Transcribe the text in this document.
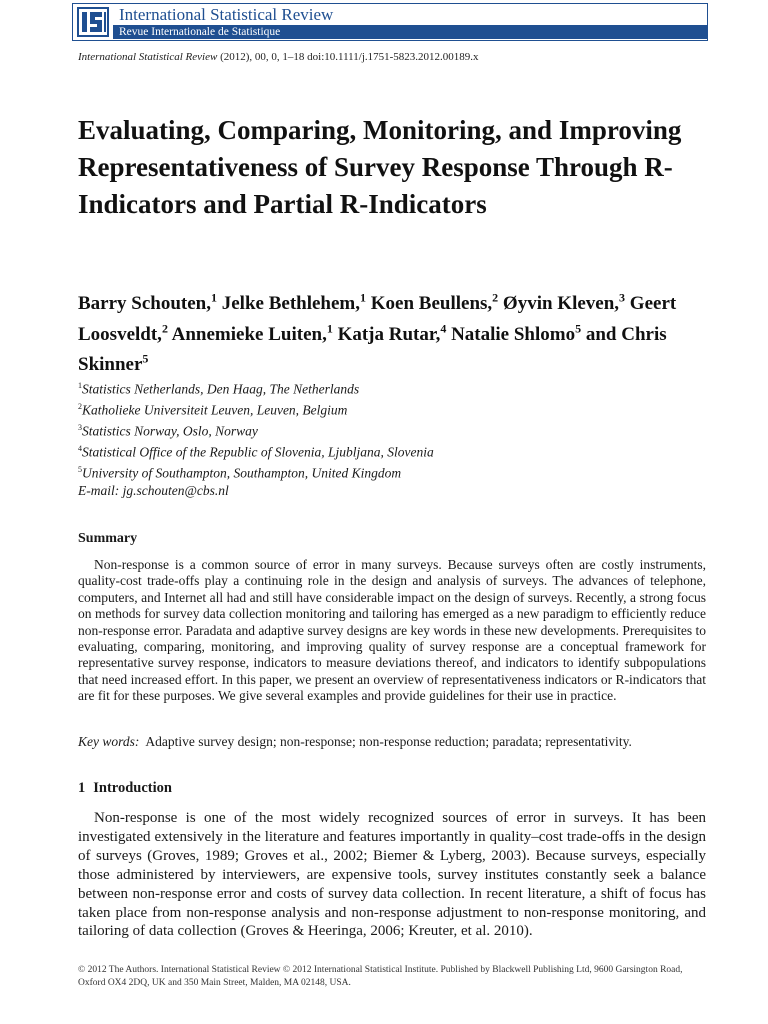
International Statistical Review
Revue Internationale de Statistique
International Statistical Review (2012), 00, 0, 1–18 doi:10.1111/j.1751-5823.2012.00189.x
Evaluating, Comparing, Monitoring, and Improving Representativeness of Survey Response Through R-Indicators and Partial R-Indicators

Barry Schouten,$^1$ Jelke Bethlehem,$^1$ Koen Beullens,$^2$ Øyvin Kleven,$^3$ Geert Loosveldt,$^2$ Annemieke Luiten,$^1$ Katja Rutar,$^4$ Natalie Shlomo$^5$ and Chris Skinner$^5$

$^1$Statistics Netherlands, Den Haag, The Netherlands
$^2$Katholieke Universiteit Leuven, Leuven, Belgium
$^3$Statistics Norway, Oslo, Norway
$^4$Statistical Office of the Republic of Slovenia, Ljubljana, Slovenia
$^5$University of Southampton, Southampton, United Kingdom
E-mail: jg.schouten@cbs.nl
Summary

Non-response is a common source of error in many surveys. Because surveys often are costly instruments, quality-cost trade-offs play a continuing role in the design and analysis of surveys. The advances of telephone, computers, and Internet all had and still have considerable impact on the design of surveys. Recently, a strong focus on methods for survey data collection monitoring and tailoring has emerged as a new paradigm to efficiently reduce non-response error. Paradata and adaptive survey designs are key words in these new developments. Prerequisites to evaluating, comparing, monitoring, and improving quality of survey response are a conceptual framework for representative survey response, indicators to measure deviations thereof, and indicators to identify subpopulations that need increased effort. In this paper, we present an overview of representativeness indicators or R-indicators that are fit for these purposes. We give several examples and provide guidelines for their use in practice.

Key words: Adaptive survey design; non-response; non-response reduction; paradata; representativity.

1 Introduction

Non-response is one of the most widely recognized sources of error in surveys. It has been investigated extensively in the literature and features importantly in quality–cost trade-offs in the design of surveys (Groves, 1989; Groves et al., 2002; Biemer & Lyberg, 2003). Because surveys, especially those administered by interviewers, are expensive tools, survey institutes constantly seek a balance between non-response error and costs of survey data collection. In recent literature, a shift of focus has taken place from non-response analysis and non-response adjustment to non-response monitoring, and tailoring of data collection (Groves & Heeringa, 2006; Kreuter, et al. 2010).

© 2012 The Authors. International Statistical Review © 2012 International Statistical Institute. Published by Blackwell Publishing Ltd, 9600 Garsington Road, Oxford OX4 2DQ, UK and 350 Main Street, Malden, MA 02148, USA.
